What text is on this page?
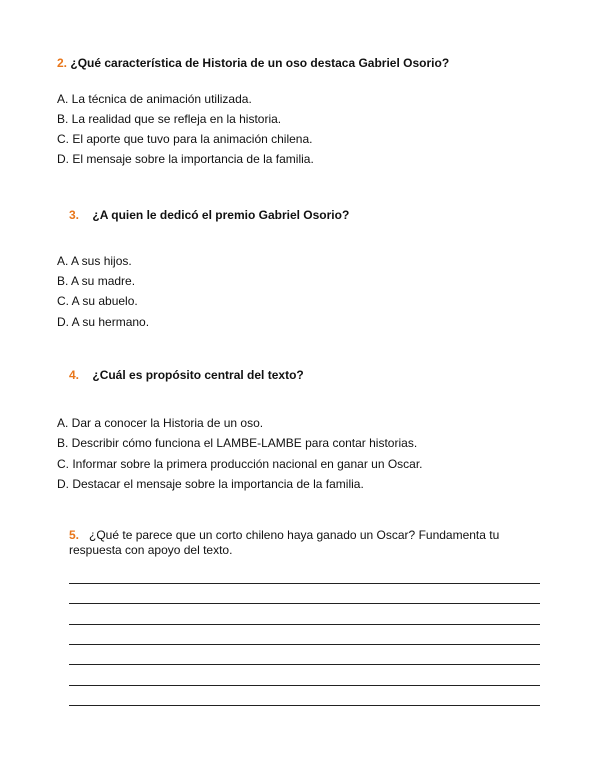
2. ¿Qué característica de Historia de un oso destaca Gabriel Osorio?
A. La técnica de animación utilizada.
B. La realidad que se refleja en la historia.
C. El aporte que tuvo para la animación chilena.
D. El mensaje sobre la importancia de la familia.
3. ¿A quien le dedicó el premio Gabriel Osorio?
A. A sus hijos.
B. A su madre.
C. A su abuelo.
D. A su hermano.
4. ¿Cuál es propósito central del texto?
A. Dar a conocer la Historia de un oso.
B. Describir cómo funciona el LAMBE-LAMBE para contar historias.
C. Informar sobre la primera producción nacional en ganar un Oscar.
D. Destacar el mensaje sobre la importancia de la familia.
5. ¿Qué te parece que un corto chileno haya ganado un Oscar? Fundamenta tu respuesta con apoyo del texto.
